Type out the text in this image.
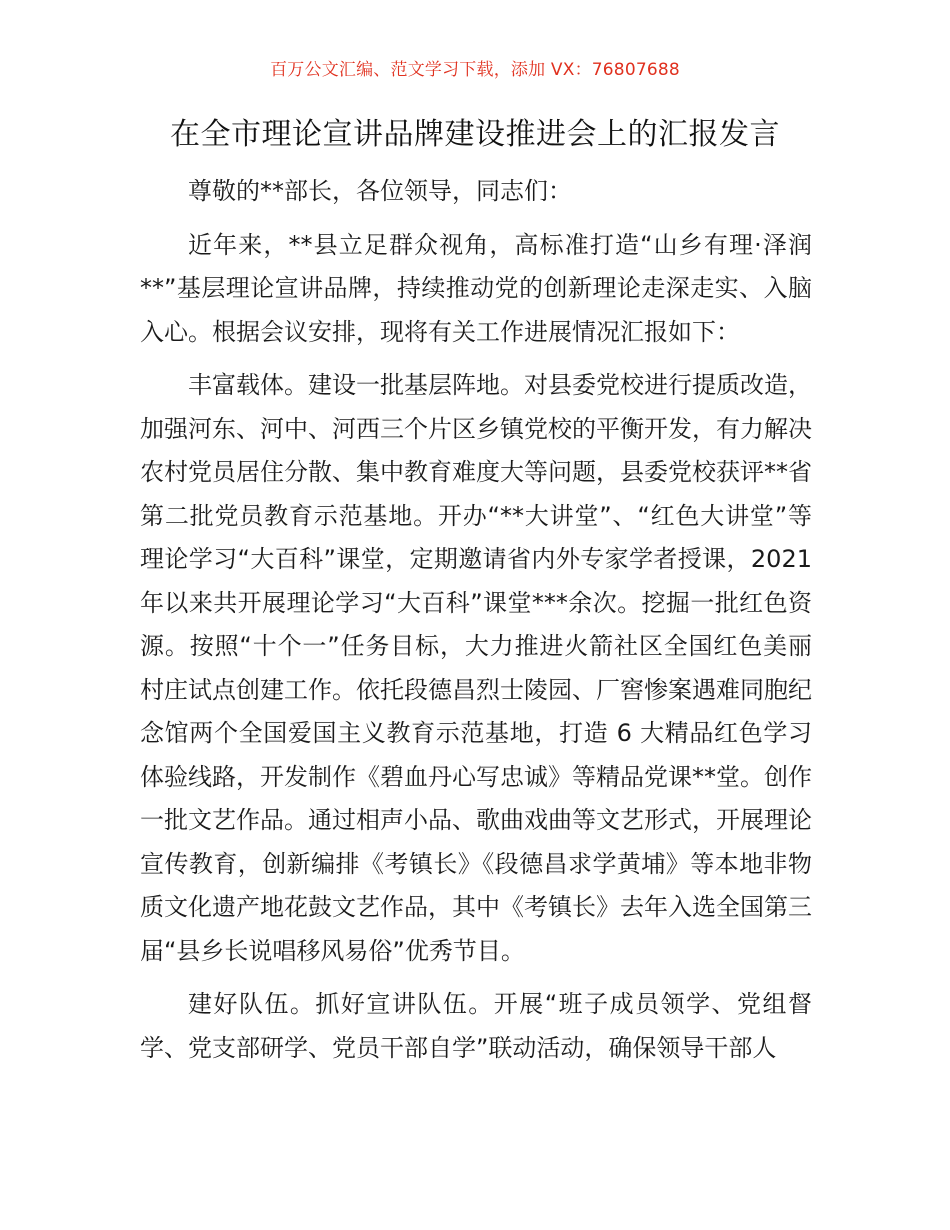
百万公文汇编、范文学习下载，添加 VX：76807688
在全市理论宣讲品牌建设推进会上的汇报发言

尊敬的**部长，各位领导，同志们：

近年来，**县立足群众视角，高标准打造“山乡有理·泽润**”基层理论宣讲品牌，持续推动党的创新理论走深走实、入脑入心。根据会议安排，现将有关工作进展情况汇报如下：

丰富载体。建设一批基层阵地。对县委党校进行提质改造，加强河东、河中、河西三个片区乡镇党校的平衡开发，有力解决农村党员居住分散、集中教育难度大等问题，县委党校获评**省第二批党员教育示范基地。开办“**大讲堂”、“红色大讲堂”等理论学习“大百科”课堂，定期邀请省内外专家学者授课，2021 年以来共开展理论学习“大百科”课堂***余次。挖掘一批红色资源。按照“十个一”任务目标，大力推进火箭社区全国红色美丽村庄试点创建工作。依托段德昌烈士陵园、厂窖惨案遇难同胞纪念馆两个全国爱国主义教育示范基地，打造 6 大精品红色学习体验线路，开发制作《碧血丹心写忠诚》等精品党课**堂。创作一批文艺作品。通过相声小品、歌曲戏曲等文艺形式，开展理论宣传教育，创新编排《考镇长》《段德昌求学黄埔》等本地非物质文化遗产地花鼓文艺作品，其中《考镇长》去年入选全国第三届“县乡长说唱移风易俗”优秀节目。

建好队伍。抓好宣讲队伍。开展“班子成员领学、党组督学、党支部研学、党员干部自学”联动活动，确保领导干部人
